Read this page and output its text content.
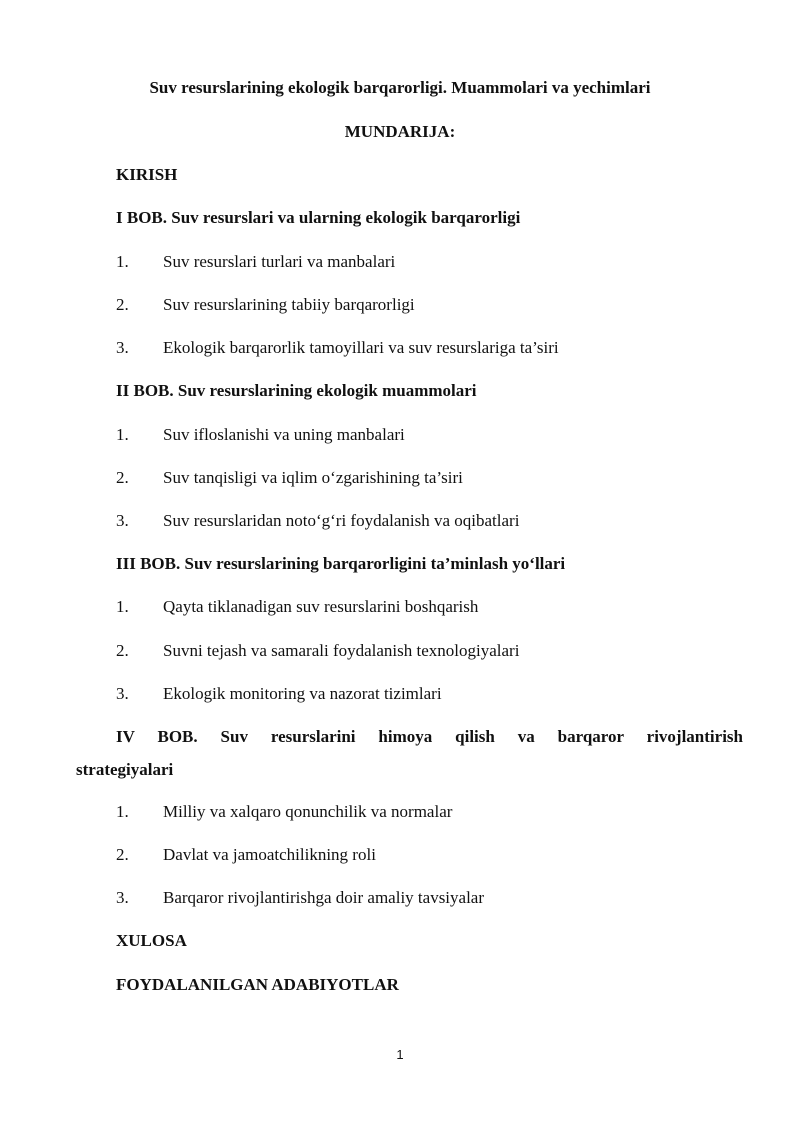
Suv resurslarining ekologik barqarorligi. Muammolari va yechimlari
MUNDARIJA:
KIRISH
I BOB. Suv resurslari va ularning ekologik barqarorligi
1. Suv resurslari turlari va manbalari
2. Suv resurslarining tabiiy barqarorligi
3. Ekologik barqarorlik tamoyillari va suv resurslariga ta’siri
II BOB. Suv resurslarining ekologik muammolari
1. Suv ifloslanishi va uning manbalari
2. Suv tanqisligi va iqlim o‘zgarishining ta’siri
3. Suv resurslaridan noto‘g‘ri foydalanish va oqibatlari
III BOB. Suv resurslarining barqarorligini ta’minlash yo‘llari
1. Qayta tiklanadigan suv resurslarini boshqarish
2. Suvni tejash va samarali foydalanish texnologiyalari
3. Ekologik monitoring va nazorat tizimlari
IV BOB. Suv resurslarini himoya qilish va barqaror rivojlantirish
strategiyalari
1. Milliy va xalqaro qonunchilik va normalar
2. Davlat va jamoatchilikning roli
3. Barqaror rivojlantirishga doir amaliy tavsiyalar
XULOSA
FOYDALANILGAN ADABIYOTLAR
1
